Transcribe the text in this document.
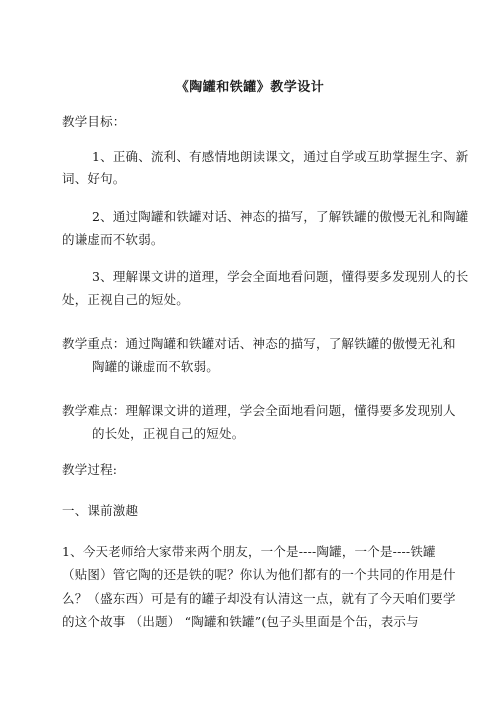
《陶罐和铁罐》教学设计
教学目标：
1、正确、流利、有感情地朗读课文，通过自学或互助掌握生字、新
词、好句。
2、通过陶罐和铁罐对话、神态的描写，了解铁罐的傲慢无礼和陶罐
的谦虚而不软弱。
3、理解课文讲的道理，学会全面地看问题，懂得要多发现别人的长
处，正视自己的短处。
教学重点：通过陶罐和铁罐对话、神态的描写，了解铁罐的傲慢无礼和
陶罐的谦虚而不软弱。
教学难点：理解课文讲的道理，学会全面地看问题，懂得要多发现别人
的长处，正视自己的短处。
教学过程:
一、课前激趣
1、今天老师给大家带来两个朋友，一个是----陶罐，一个是----铁罐
（贴图）管它陶的还是铁的呢？你认为他们都有的一个共同的作用是什
么？（盛东西）可是有的罐子却没有认清这一点，就有了今天咱们要学
的这个故事 （出题） “陶罐和铁罐”(包子头里面是个缶，表示与
